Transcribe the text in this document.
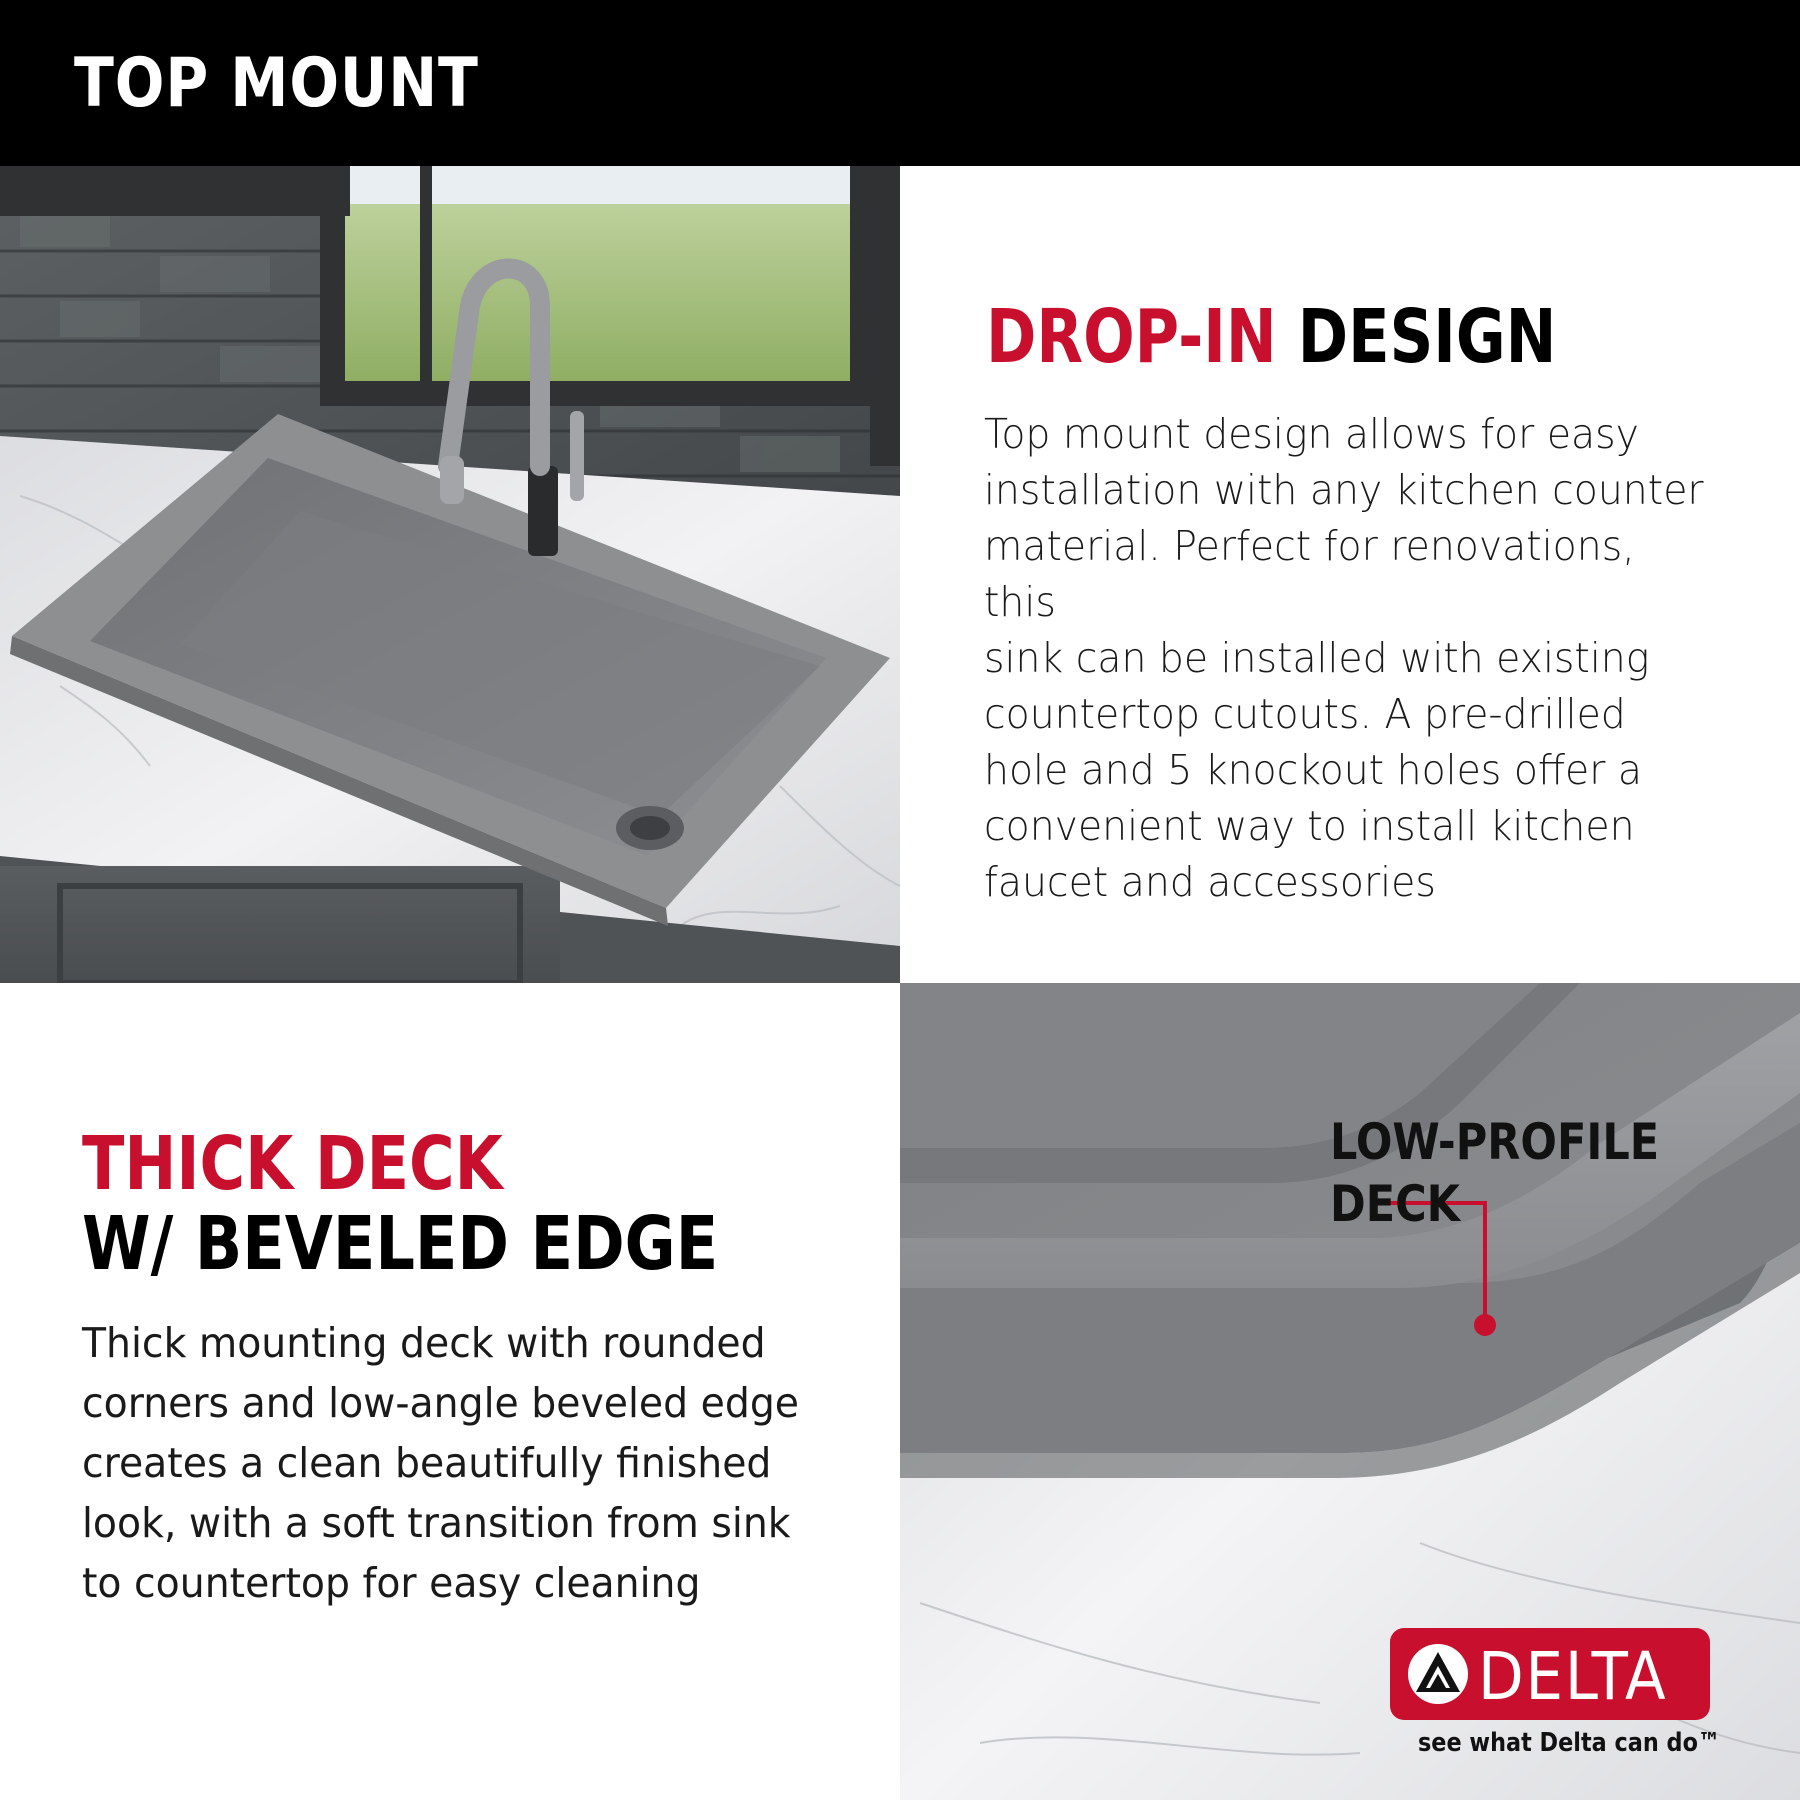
TOP MOUNT
DROP-IN DESIGN
Top mount design allows for easy
installation with any kitchen counter
material. Perfect for renovations, this
sink can be installed with existing
countertop cutouts. A pre-drilled
hole and 5 knockout holes offer a
convenient way to install kitchen
faucet and accessories
THICK DECK
W/ BEVELED EDGE
Thick mounting deck with rounded
corners and low-angle beveled edge
creates a clean beautifully finished
look, with a soft transition from sink
to countertop for easy cleaning
LOW-PROFILE
DECK
DELTA
see what Delta can do™
